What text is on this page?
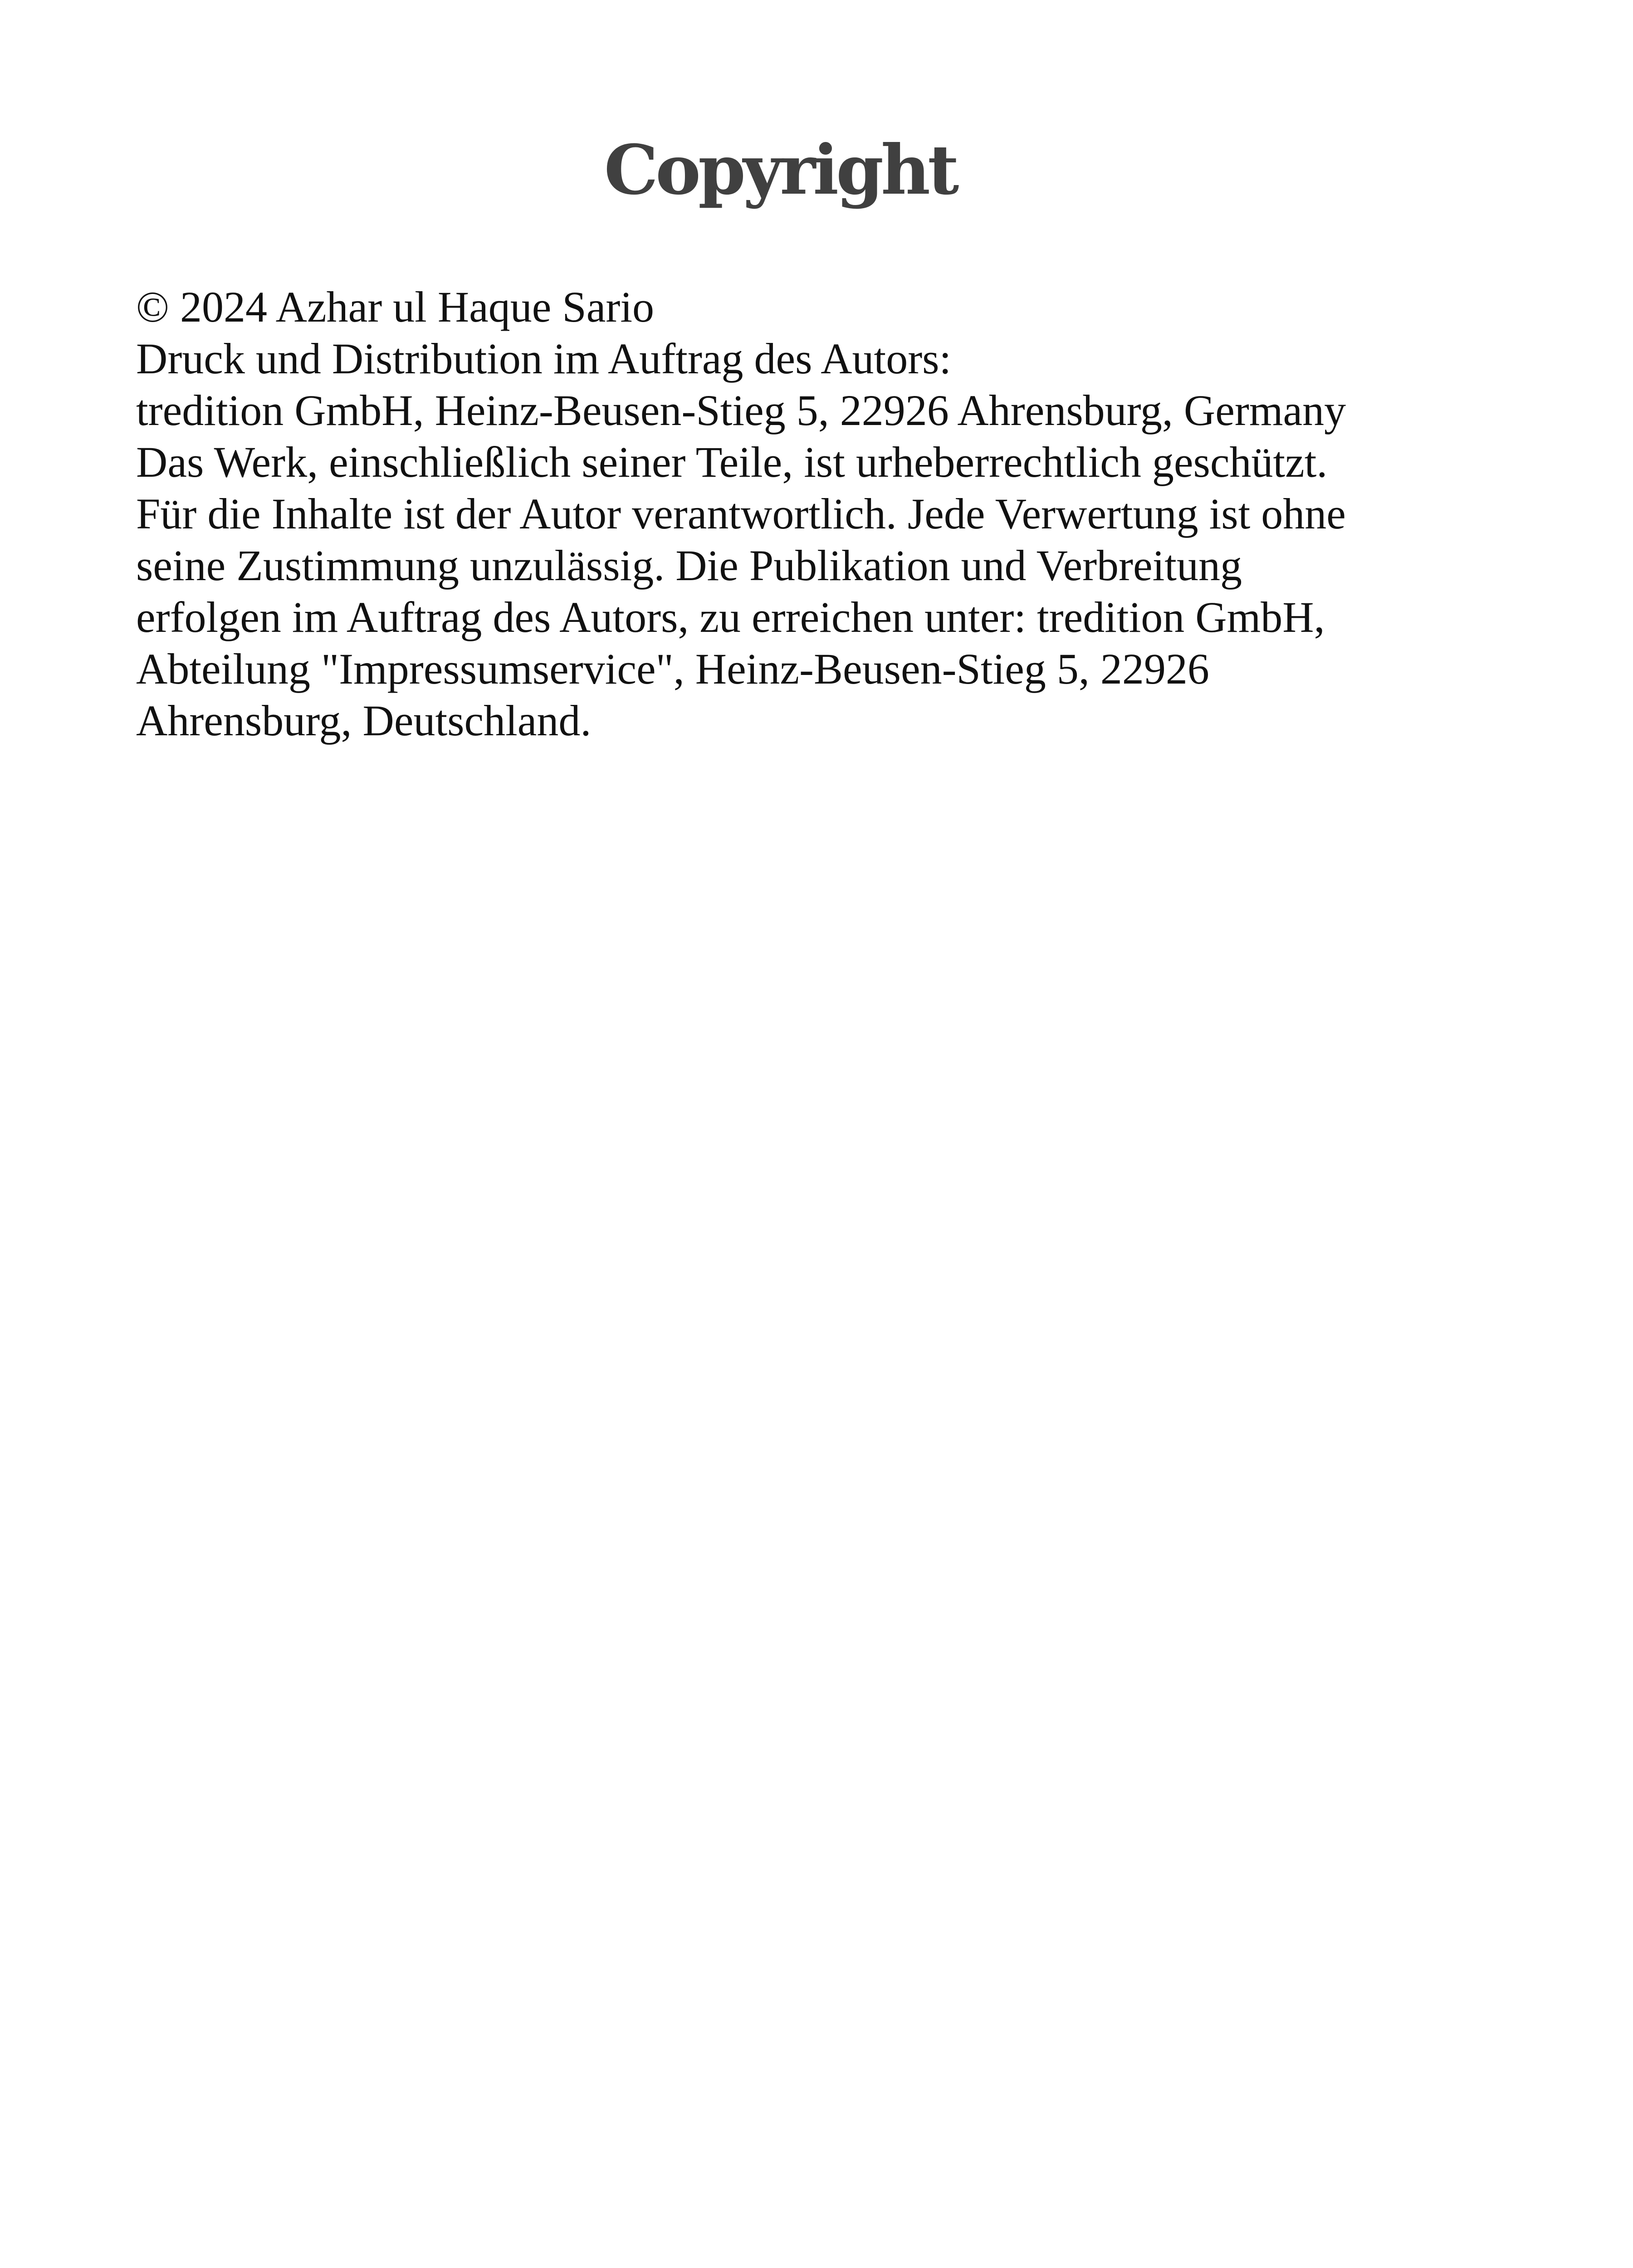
Copyright
© 2024 Azhar ul Haque Sario
Druck und Distribution im Auftrag des Autors:
tredition GmbH, Heinz-Beusen-Stieg 5, 22926 Ahrensburg, Germany
Das Werk, einschließlich seiner Teile, ist urheberrechtlich geschützt.
Für die Inhalte ist der Autor verantwortlich. Jede Verwertung ist ohne
seine Zustimmung unzulässig. Die Publikation und Verbreitung
erfolgen im Auftrag des Autors, zu erreichen unter: tredition GmbH,
Abteilung "Impressumservice", Heinz-Beusen-Stieg 5, 22926
Ahrensburg, Deutschland.
